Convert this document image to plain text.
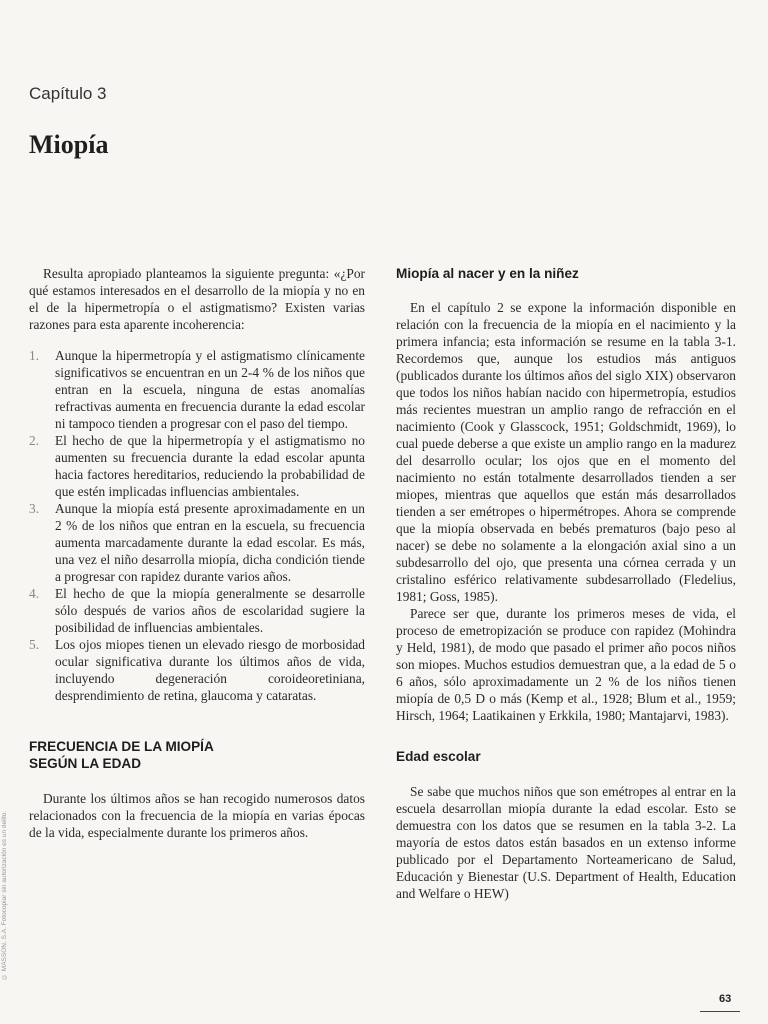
Capítulo 3
Miopía

Resulta apropiado planteamos la siguiente pregunta: «¿Por qué estamos interesados en el desarrollo de la miopía y no en el de la hipermetropía o el astigmatismo? Existen varias razones para esta aparente incoherencia:

1. Aunque la hipermetropía y el astigmatismo clínicamente significativos se encuentran en un 2-4 % de los niños que entran en la escuela, ninguna de estas anomalías refractivas aumenta en frecuencia durante la edad escolar ni tampoco tienden a progresar con el paso del tiempo.
2. El hecho de que la hipermetropía y el astigmatismo no aumenten su frecuencia durante la edad escolar apunta hacia factores hereditarios, reduciendo la probabilidad de que estén implicadas influencias ambientales.
3. Aunque la miopía está presente aproximadamente en un 2 % de los niños que entran en la escuela, su frecuencia aumenta marcadamente durante la edad escolar. Es más, una vez el niño desarrolla miopía, dicha condición tiende a progresar con rapidez durante varios años.
4. El hecho de que la miopía generalmente se desarrolle sólo después de varios años de escolaridad sugiere la posibilidad de influencias ambientales.
5. Los ojos miopes tienen un elevado riesgo de morbosidad ocular significativa durante los últimos años de vida, incluyendo degeneración coroideoretiniana, desprendimiento de retina, glaucoma y cataratas.
FRECUENCIA DE LA MIOPÍA
SEGÚN LA EDAD

Durante los últimos años se han recogido numerosos datos relacionados con la frecuencia de la miopía en varias épocas de la vida, especialmente durante los primeros años.

Miopía al nacer y en la niñez

En el capítulo 2 se expone la información disponible en relación con la frecuencia de la miopía en el nacimiento y la primera infancia; esta información se resume en la tabla 3-1. Recordemos que, aunque los estudios más antiguos (publicados durante los últimos años del siglo XIX) observaron que todos los niños habían nacido con hipermetropía, estudios más recientes muestran un amplio rango de refracción en el nacimiento (Cook y Glasscock, 1951; Goldschmidt, 1969), lo cual puede deberse a que existe un amplio rango en la madurez del desarrollo ocular; los ojos que en el momento del nacimiento no están totalmente desarrollados tienden a ser miopes, mientras que aquellos que están más desarrollados tienden a ser emétropes o hipermétropes. Ahora se comprende que la miopía observada en bebés prematuros (bajo peso al nacer) se debe no solamente a la elongación axial sino a un subdesarrollo del ojo, que presenta una córnea cerrada y un cristalino esférico relativamente subdesarrollado (Fledelius, 1981; Goss, 1985).

Parece ser que, durante los primeros meses de vida, el proceso de emetropización se produce con rapidez (Mohindra y Held, 1981), de modo que pasado el primer año pocos niños son miopes. Muchos estudios demuestran que, a la edad de 5 o 6 años, sólo aproximadamente un 2 % de los niños tienen miopía de 0,5 D o más (Kemp et al., 1928; Blum et al., 1959; Hirsch, 1964; Laatikainen y Erkkila, 1980; Mantajarvi, 1983).

Edad escolar

Se sabe que muchos niños que son emétropes al entrar en la escuela desarrollan miopía durante la edad escolar. Esto se demuestra con los datos que se resumen en la tabla 3-2. La mayoría de estos datos están basados en un extenso informe publicado por el Departamento Norteamericano de Salud, Educación y Bienestar (U.S. Department of Health, Education and Welfare o HEW)

© MASSON, S.A. Fotocopiar sin autorización es un delito.
63
